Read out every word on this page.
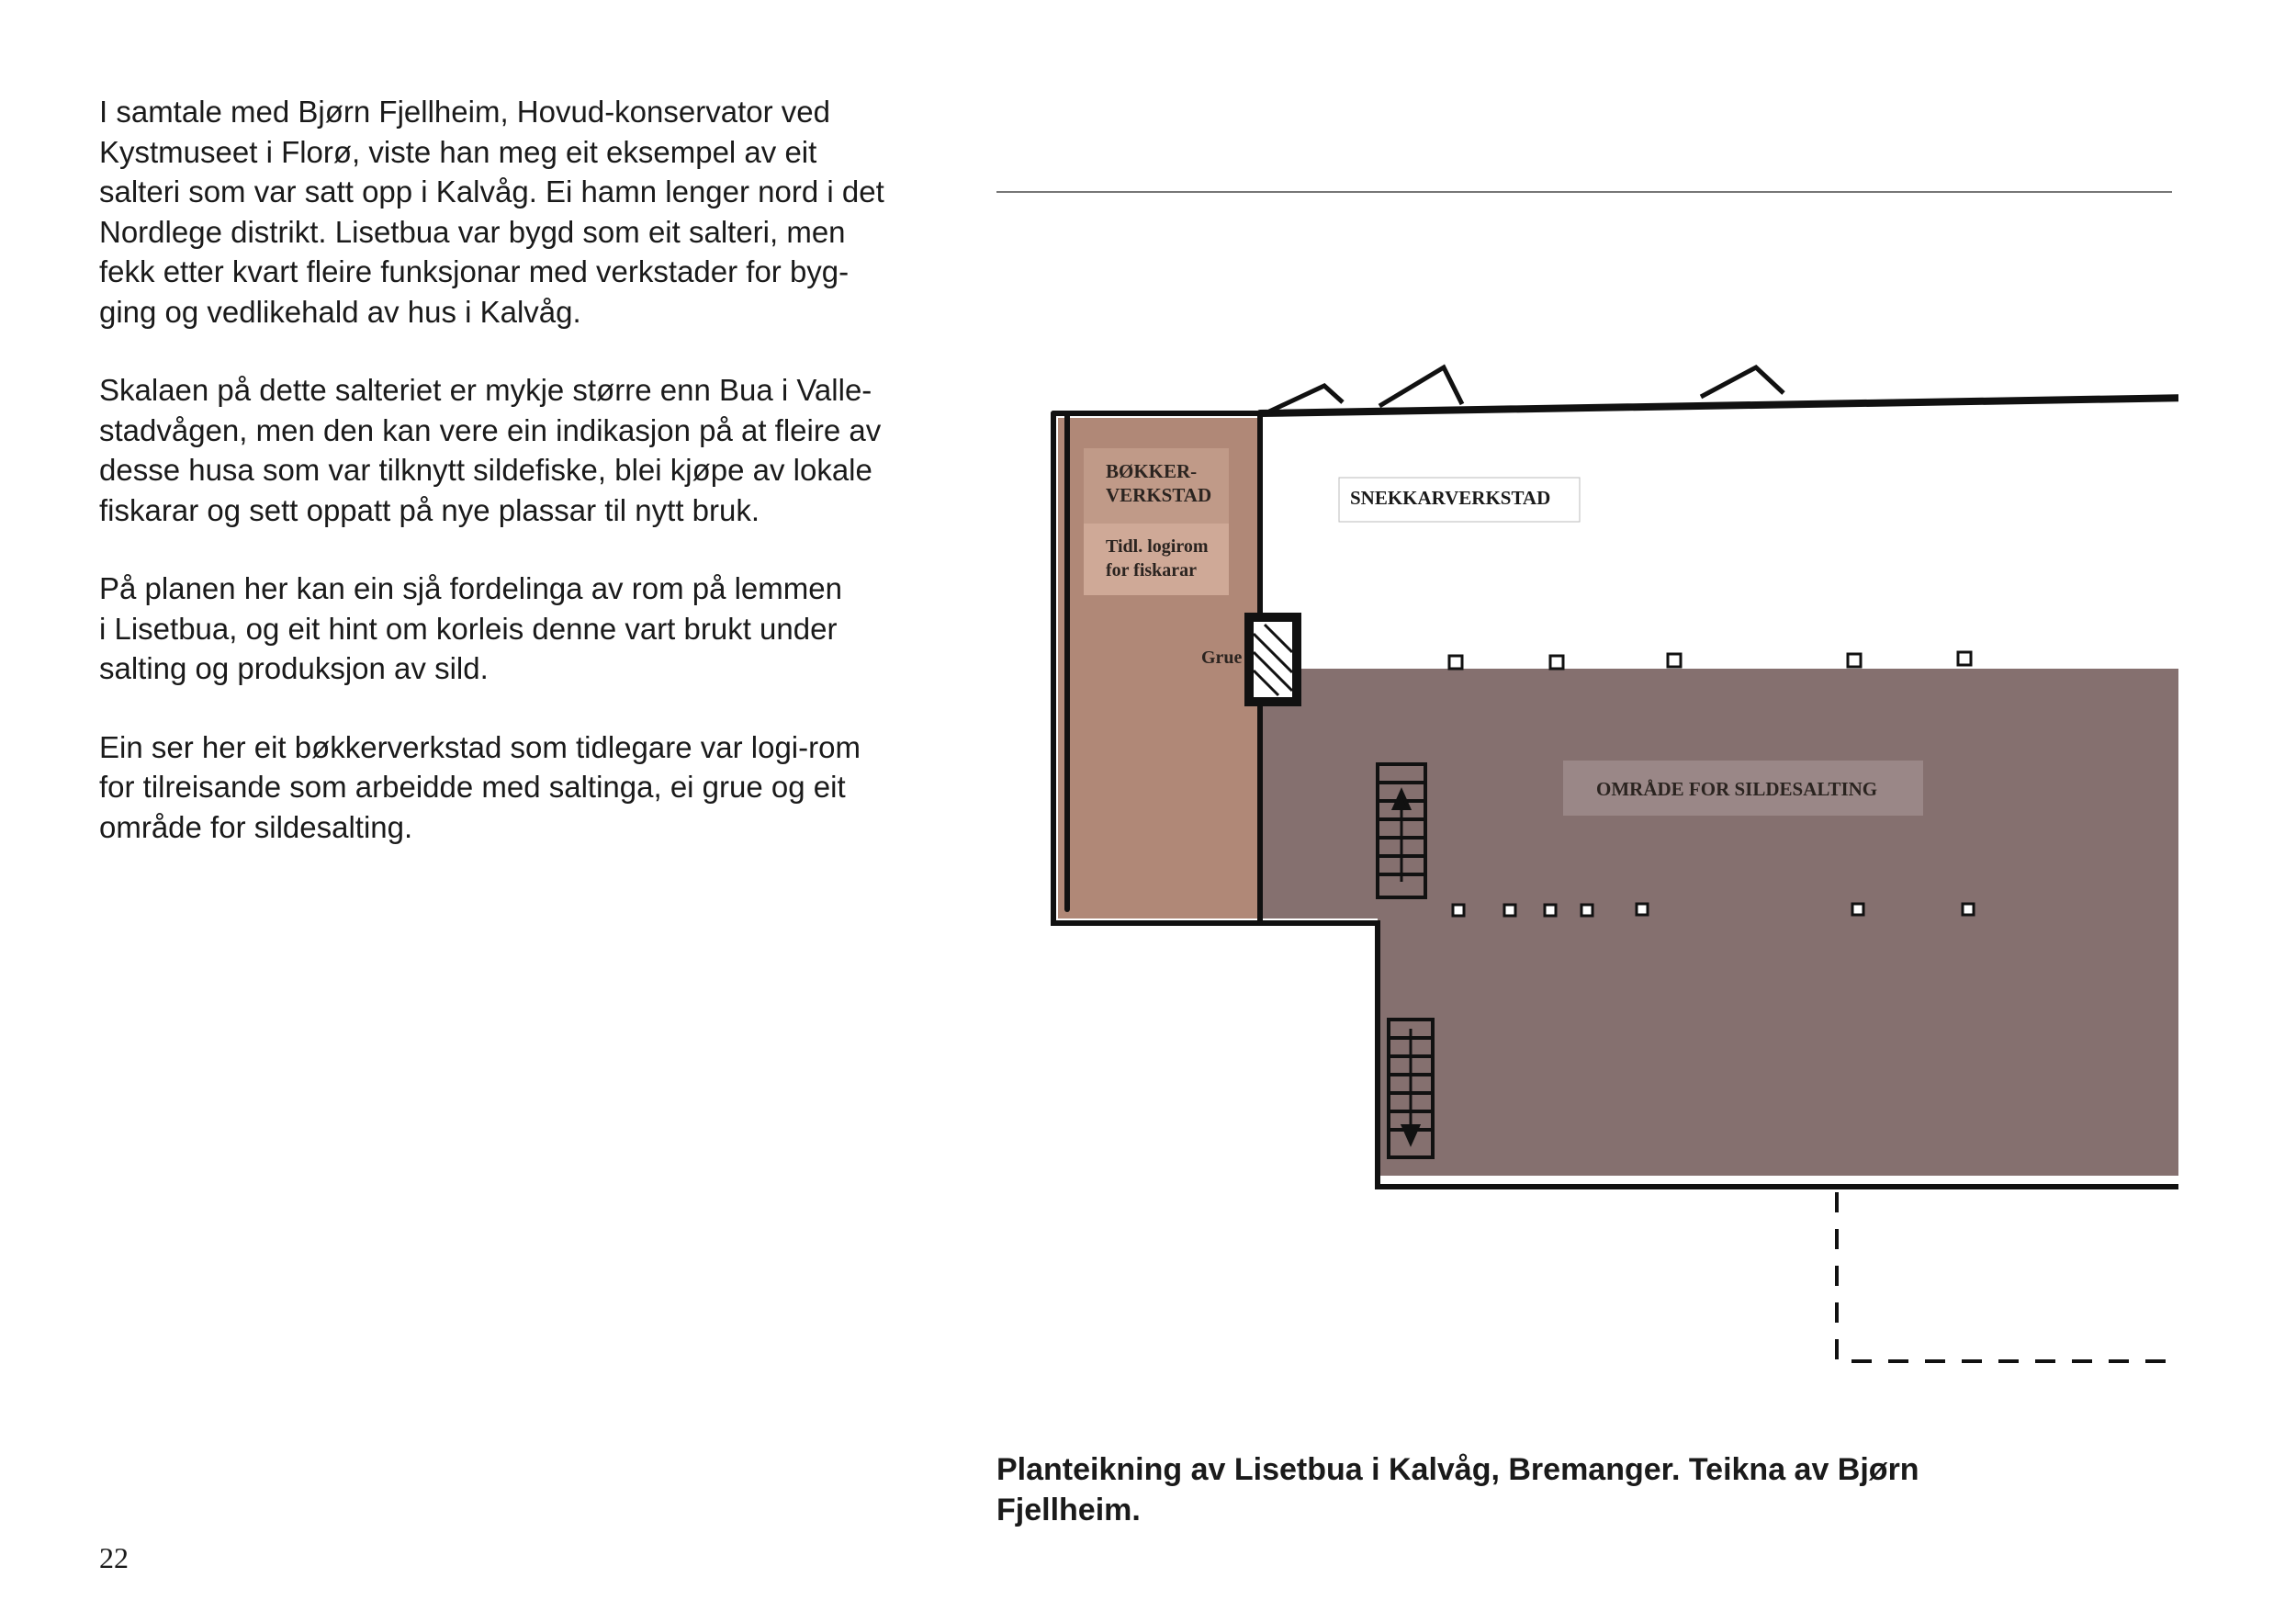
I samtale med Bjørn Fjellheim, Hovud-konservator ved
Kystmuseet i Florø, viste han meg eit eksempel av eit
salteri som var satt opp i Kalvåg. Ei hamn lenger nord i det
Nordlege distrikt. Lisetbua var bygd som eit salteri, men
fekk etter kvart fleire funksjonar med verkstader for byg-
ging og vedlikehald av hus i Kalvåg.

Skalaen på dette salteriet er mykje større enn Bua i Valle-
stadvågen, men den kan vere ein indikasjon på at fleire av
desse husa som var tilknytt sildefiske, blei kjøpe av lokale
fiskarar og sett oppatt på nye plassar til nytt bruk.

På planen her kan ein sjå fordelinga av rom på lemmen
i Lisetbua, og eit hint om korleis denne vart brukt under
salting og produksjon av sild.

Ein ser her eit bøkkerverkstad som tidlegare var logi-rom
for tilreisande som arbeidde med saltinga, ei grue og eit
område for sildesalting.

BØKKER-
VERKSTAD
Tidl. logirom
for fiskarar
Grue
SNEKKARVERKSTAD
OMRÅDE FOR SILDESALTING
Planteikning av Lisetbua i Kalvåg, Bremanger. Teikna av Bjørn
Fjellheim.
22
